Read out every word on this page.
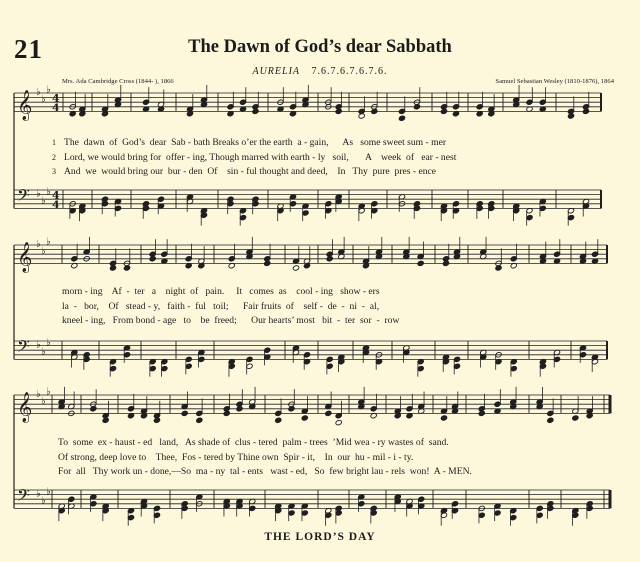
21	The Dawn of God’s dear Sabbath
AURELIA 7.6.7.6.7.6.7.6.
Mrs. Ada Cambridge Cross (1844- ), 1866	Samuel Sebastian Wesley (1810-1876), 1864
𝄞 ♭
♭
♭
4
4
𝄢 ♭
♭
♭ 4
4
𝄞 ♭
♭
♭
𝄢 ♭
♭
♭
𝄞 ♭
♭
♭
𝄢 ♭
♭
♭
1 The  dawn  of  God’s  dear  Sab - bath Breaks o’er the earth  a - gain,      As   some sweet sum - mer
2 Lord, we would bring for  offer - ing, Though marred with earth - ly   soil,       A    week  of   ear - nest
3 And  we  would bring our  bur - den  Of    sin - ful thought and deed,    In   Thy  pure  pres - ence
morn - ing    Af  -  ter   a    night  of   pain.     It   comes  as    cool - ing   show - ers
la  -   bor,    Of   stead - y,   faith -  ful   toil;      Fair fruits  of    self -  de  -  ni  -  al,
kneel - ing,   From bond - age   to    be  freed;      Our hearts’ most   bit  -  ter  sor  -  row
To  some  ex - haust - ed   land,   As shade of  clus - tered  palm - trees  ’Mid wea - ry wastes of  sand.
Of strong, deep love to    Thee,  Fos - tered by Thine own  Spir - it,    In  our  hu - mil - i - ty.
For  all   Thy work un - done,—So  ma - ny  tal - ents   wast - ed,   So  few bright lau - rels  won!  A - MEN.
THE LORD’S DAY
